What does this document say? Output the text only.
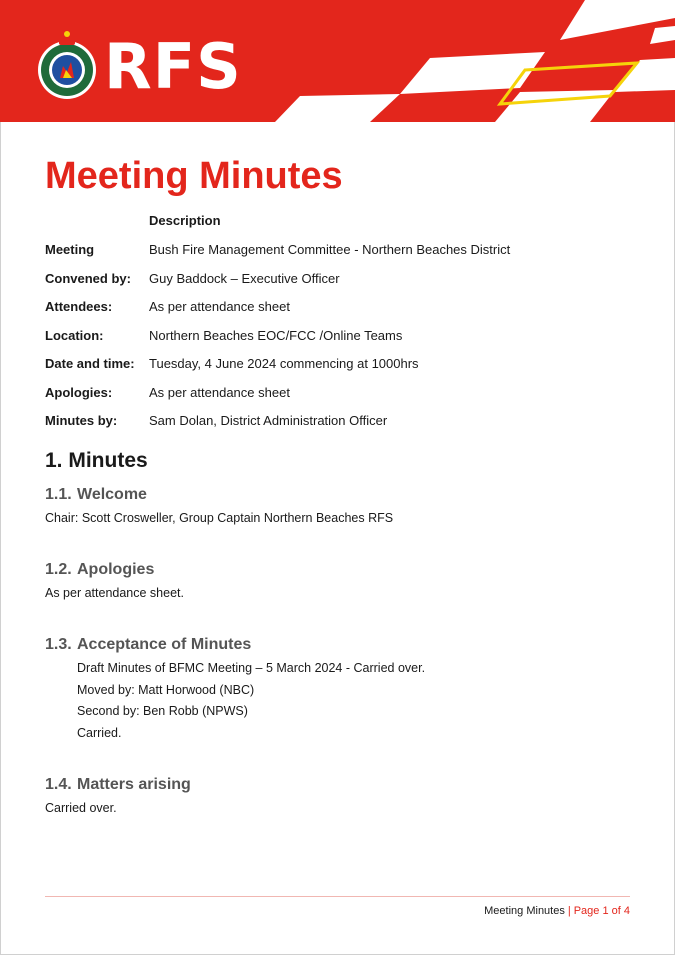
RFS
Meeting Minutes
Description
Meeting	Bush Fire Management Committee - Northern Beaches District
Convened by: Guy Baddock – Executive Officer
Attendees:	As per attendance sheet
Location:	Northern Beaches EOC/FCC /Online Teams
Date and time: Tuesday, 4 June 2024 commencing at 1000hrs
Apologies:	As per attendance sheet
Minutes by: Sam Dolan, District Administration Officer
1. Minutes
1.1. Welcome

Chair: Scott Crosweller, Group Captain Northern Beaches RFS

1.2. Apologies

As per attendance sheet.

1.3. Acceptance of Minutes

Draft Minutes of BFMC Meeting – 5 March 2024 - Carried over.

Moved by: Matt Horwood (NBC)

Second by: Ben Robb (NPWS)

Carried.

1.4. Matters arising

Carried over.

Meeting Minutes | Page 1 of 4
